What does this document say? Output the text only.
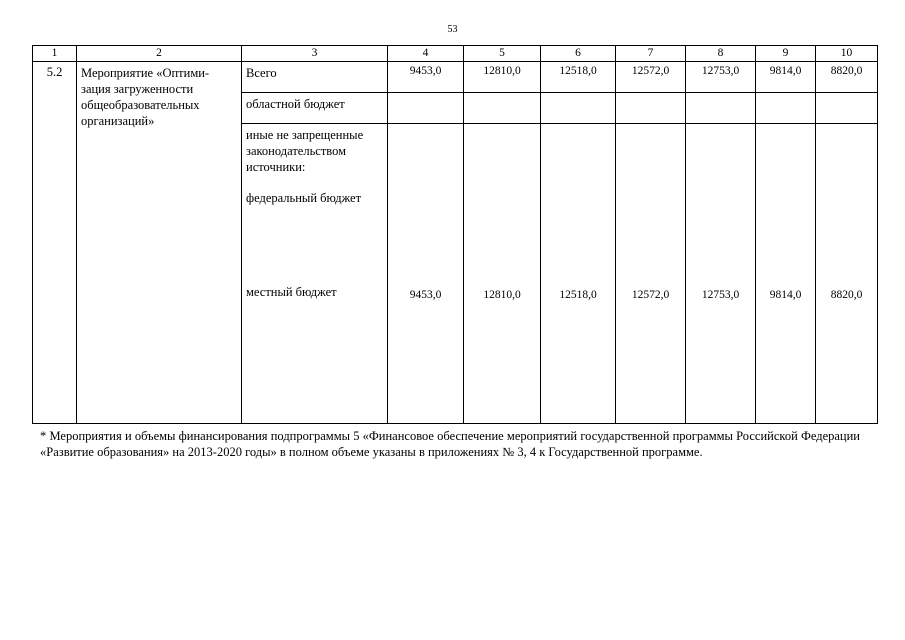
53
1	2	3	4	5	6	7	8	9	10
5.2	Мероприятие «Оптими-зация загруженности общеобразовательных организаций»	Всего	9453,0	12810,0	12518,0	12572,0	12753,0	9814,0	8820,0
		областной бюджет							

		иные не запрещенные законодательством источники:
федеральный бюджет
местный бюджет	9453,0	12810,0	12518,0	12572,0	12753,0	9814,0	8820,0
* Мероприятия и объемы финансирования подпрограммы 5 «Финансовое обеспечение мероприятий государственной программы Российской Федерации «Развитие образования» на 2013-2020 годы» в полном объеме указаны в приложениях № 3, 4 к Государственной программе.
